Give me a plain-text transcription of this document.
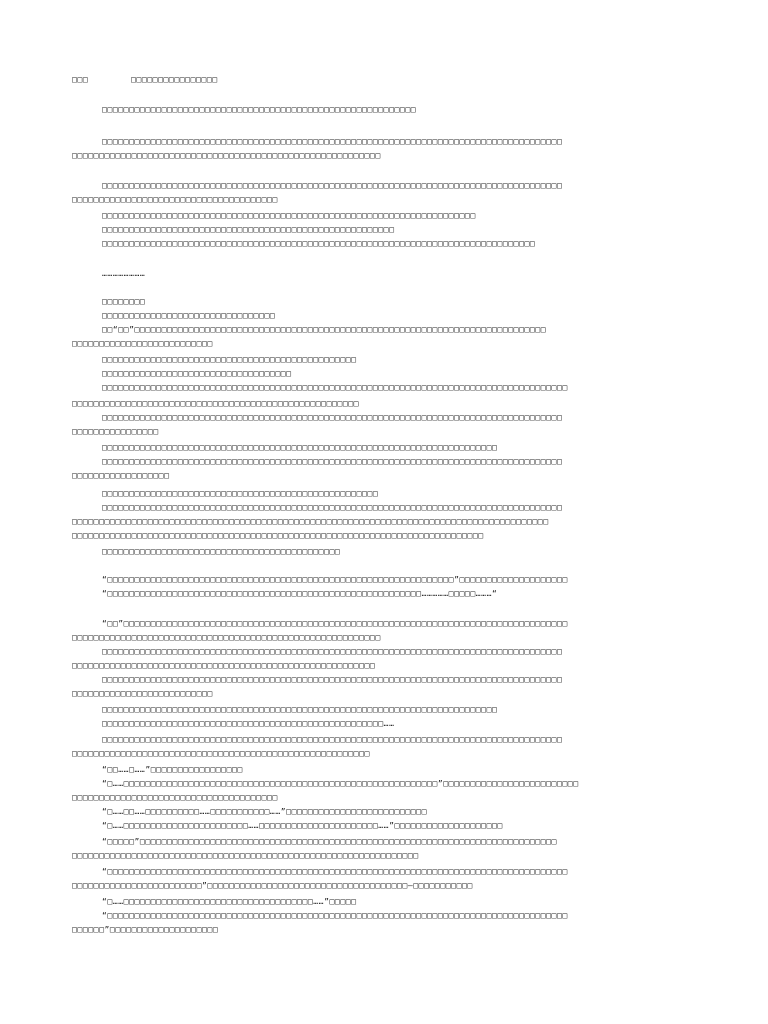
□□□	□□□□□□□□□□□□□□□□
□□□□□□□□□□□□□□□□□□□□□□□□□□□□□□□□□□□□□□□□□□□□□□□□□□□□□□□□□□
□□□□□□□□□□□□□□□□□□□□□□□□□□□□□□□□□□□□□□□□□□□□□□□□□□□□□□□□□□□□□□□□□□□□□□□□□□□□□□□□□□□□□
□□□□□□□□□□□□□□□□□□□□□□□□□□□□□□□□□□□□□□□□□□□□□□□□□□□□□□□□□
□□□□□□□□□□□□□□□□□□□□□□□□□□□□□□□□□□□□□□□□□□□□□□□□□□□□□□□□□□□□□□□□□□□□□□□□□□□□□□□□□□□□□
□□□□□□□□□□□□□□□□□□□□□□□□□□□□□□□□□□□□□□
□□□□□□□□□□□□□□□□□□□□□□□□□□□□□□□□□□□□□□□□□□□□□□□□□□□□□□□□□□□□□□□□□□□□□
□□□□□□□□□□□□□□□□□□□□□□□□□□□□□□□□□□□□□□□□□□□□□□□□□□□□□□
□□□□□□□□□□□□□□□□□□□□□□□□□□□□□□□□□□□□□□□□□□□□□□□□□□□□□□□□□□□□□□□□□□□□□□□□□□□□□□□□
……………………
□□□□□□□□
□□□□□□□□□□□□□□□□□□□□□□□□□□□□□□□□
□□“□□”□□□□□□□□□□□□□□□□□□□□□□□□□□□□□□□□□□□□□□□□□□□□□□□□□□□□□□□□□□□□□□□□□□□□□□□□□□□□
□□□□□□□□□□□□□□□□□□□□□□□□□□
□□□□□□□□□□□□□□□□□□□□□□□□□□□□□□□□□□□□□□□□□□□□□□□
□□□□□□□□□□□□□□□□□□□□□□□□□□□□□□□□□□□
□□□□□□□□□□□□□□□□□□□□□□□□□□□□□□□□□□□□□□□□□□□□□□□□□□□□□□□□□□□□□□□□□□□□□□□□□□□□□□□□□□□□□□
□□□□□□□□□□□□□□□□□□□□□□□□□□□□□□□□□□□□□□□□□□□□□□□□□□□□□
□□□□□□□□□□□□□□□□□□□□□□□□□□□□□□□□□□□□□□□□□□□□□□□□□□□□□□□□□□□□□□□□□□□□□□□□□□□□□□□□□□□□□
□□□□□□□□□□□□□□□□
□□□□□□□□□□□□□□□□□□□□□□□□□□□□□□□□□□□□□□□□□□□□□□□□□□□□□□□□□□□□□□□□□□□□□□□□□
□□□□□□□□□□□□□□□□□□□□□□□□□□□□□□□□□□□□□□□□□□□□□□□□□□□□□□□□□□□□□□□□□□□□□□□□□□□□□□□□□□□□□
□□□□□□□□□□□□□□□□□□
□□□□□□□□□□□□□□□□□□□□□□□□□□□□□□□□□□□□□□□□□□□□□□□□□□□
□□□□□□□□□□□□□□□□□□□□□□□□□□□□□□□□□□□□□□□□□□□□□□□□□□□□□□□□□□□□□□□□□□□□□□□□□□□□□□□□□□□□□
□□□□□□□□□□□□□□□□□□□□□□□□□□□□□□□□□□□□□□□□□□□□□□□□□□□□□□□□□□□□□□□□□□□□□□□□□□□□□□□□□□□□□□□□
□□□□□□□□□□□□□□□□□□□□□□□□□□□□□□□□□□□□□□□□□□□□□□□□□□□□□□□□□□□□□□□□□□□□□□□□□□□□
□□□□□□□□□□□□□□□□□□□□□□□□□□□□□□□□□□□□□□□□□□□□
“□□□□□□□□□□□□□□□□□□□□□□□□□□□□□□□□□□□□□□□□□□□□□□□□□□□□□□□□□□□□□□□□”□□□□□□□□□□□□□□□□□□□□
“□□□□□□□□□□□□□□□□□□□□□□□□□□□□□□□□□□□□□□□□□□□□□□□□□□□□□□□□□□……………□□□□□………“
“□□”□□□□□□□□□□□□□□□□□□□□□□□□□□□□□□□□□□□□□□□□□□□□□□□□□□□□□□□□□□□□□□□□□□□□□□□□□□□□□□□□□□
□□□□□□□□□□□□□□□□□□□□□□□□□□□□□□□□□□□□□□□□□□□□□□□□□□□□□□□□□
□□□□□□□□□□□□□□□□□□□□□□□□□□□□□□□□□□□□□□□□□□□□□□□□□□□□□□□□□□□□□□□□□□□□□□□□□□□□□□□□□□□□□
□□□□□□□□□□□□□□□□□□□□□□□□□□□□□□□□□□□□□□□□□□□□□□□□□□□□□□□□
□□□□□□□□□□□□□□□□□□□□□□□□□□□□□□□□□□□□□□□□□□□□□□□□□□□□□□□□□□□□□□□□□□□□□□□□□□□□□□□□□□□□□
□□□□□□□□□□□□□□□□□□□□□□□□□□
□□□□□□□□□□□□□□□□□□□□□□□□□□□□□□□□□□□□□□□□□□□□□□□□□□□□□□□□□□□□□□□□□□□□□□□□□
□□□□□□□□□□□□□□□□□□□□□□□□□□□□□□□□□□□□□□□□□□□□□□□□□□□□……
□□□□□□□□□□□□□□□□□□□□□□□□□□□□□□□□□□□□□□□□□□□□□□□□□□□□□□□□□□□□□□□□□□□□□□□□□□□□□□□□□□□□□
□□□□□□□□□□□□□□□□□□□□□□□□□□□□□□□□□□□□□□□□□□□□□□□□□□□□□□□
“□□……□……”□□□□□□□□□□□□□□□□□
“□……□□□□□□□□□□□□□□□□□□□□□□□□□□□□□□□□□□□□□□□□□□□□□□□□□□□□□□□□□□”□□□□□□□□□□□□□□□□□□□□□□□□□
□□□□□□□□□□□□□□□□□□□□□□□□□□□□□□□□□□□□□□
“□……□□……□□□□□□□□□□……□□□□□□□□□□□……”□□□□□□□□□□□□□□□□□□□□□□□□□□
“□……□□□□□□□□□□□□□□□□□□□□□□□……□□□□□□□□□□□□□□□□□□□□□□……”□□□□□□□□□□□□□□□□□□□□
“□□□□□”□□□□□□□□□□□□□□□□□□□□□□□□□□□□□□□□□□□□□□□□□□□□□□□□□□□□□□□□□□□□□□□□□□□□□□□□□□□□□
□□□□□□□□□□□□□□□□□□□□□□□□□□□□□□□□□□□□□□□□□□□□□□□□□□□□□□□□□□□□□□□□
“□□□□□□□□□□□□□□□□□□□□□□□□□□□□□□□□□□□□□□□□□□□□□□□□□□□□□□□□□□□□□□□□□□□□□□□□□□□□□□□□□□□□□
□□□□□□□□□□□□□□□□□□□□□□□□”□□□□□□□□□□□□□□□□□□□□□□□□□□□□□□□□□□□□□—□□□□□□□□□□□
“□……□□□□□□□□□□□□□□□□□□□□□□□□□□□□□□□□□□□……”□□□□□
“□□□□□□□□□□□□□□□□□□□□□□□□□□□□□□□□□□□□□□□□□□□□□□□□□□□□□□□□□□□□□□□□□□□□□□□□□□□□□□□□□□□□□
□□□□□□”□□□□□□□□□□□□□□□□□□□□
